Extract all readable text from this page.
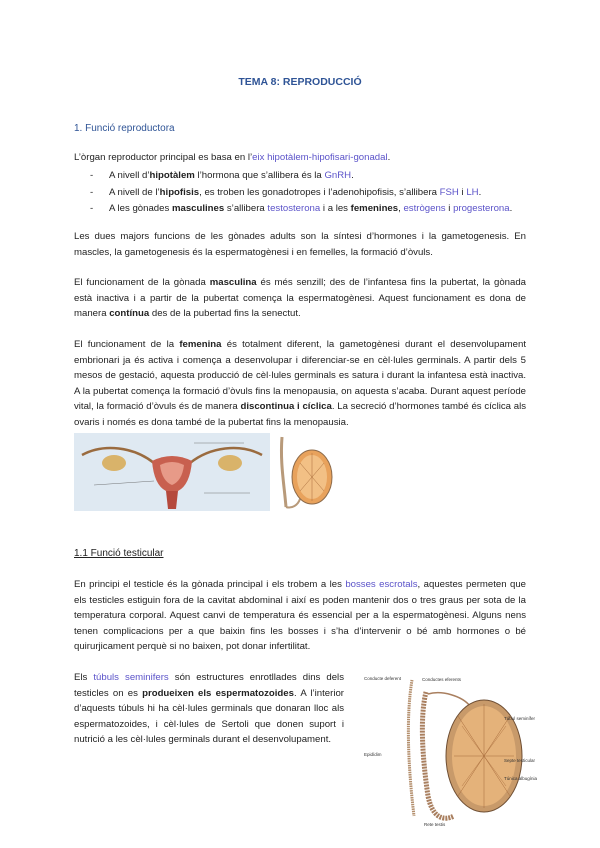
TEMA 8: REPRODUCCIÓ
1. Funció reproductora
L’òrgan reproductor principal es basa en l’eix hipotàlem-hipofisari-gonadal.
- A nivell d’hipotàlem l’hormona que s’allibera és la GnRH.
- A nivell de l’hipofisis, es troben les gonadotropes i l’adenohipofisis, s’allibera FSH i LH.
- A les gònades masculines s’allibera testosterona i a les femenines, estrògens i progesterona.
Les dues majors funcions de les gònades adults son la síntesi d’hormones i la gametogenesis. En mascles, la gametogenesis és la espermatogènesi i en femelles, la formació d’òvuls.
El funcionament de la gònada masculina és més senzill; des de l’infantesa fins la pubertat, la gònada està inactiva i a partir de la pubertat comença la espermatogènesi. Aquest funcionament es dona de manera contínua des de la pubertad fins la senectut.
El funcionament de la femenina és totalment diferent, la gametogènesi durant el desenvolupament embrionari ja és activa i comença a desenvolupar i diferenciar-se en cèl·lules germinals. A partir dels 5 mesos de gestació, aquesta producció de cèl·lules germinals es satura i durant la infantesa està inactiva. A la pubertat comença la formació d’òvuls fins la menopausia, on aquesta s’acaba. Durant aquest període vital, la formació d’òvuls és de manera discontinua i cíclica. La secreció d’hormones també és cíclica als ovaris i només es dona també de la pubertat fins la menopausia.
1.1 Funció testicular
En principi el testicle és la gònada principal i els trobem a les bosses escrotals, aquestes permeten que els testicles estiguin fora de la cavitat abdominal i així es poden mantenir dos o tres graus per sota de la temperatura corporal. Aquest canvi de temperatura és essencial per a la espermatogènesi. Alguns nens tenen complicacions per a que baixin fins les bosses i s’ha d’intervenir o bé amb hormones o bé quirurjicament perquè si no baixen, pot donar infertilitat.
Els túbuls seminifers són estructures enrotllades dins dels testicles on es produeixen els espermatozoides. A l’interior d’aquests túbuls hi ha cèl·lules germinals que donaran lloc als espermatozoides, i cèl·lules de Sertoli que donen suport i nutrició a les cèl·lules germinals durant el desenvolupament.
Conducte deferent	Conductes eferents
Túbul seminífer
Septe testicular
Epidídim
Túnica albugínia
Rete testis
